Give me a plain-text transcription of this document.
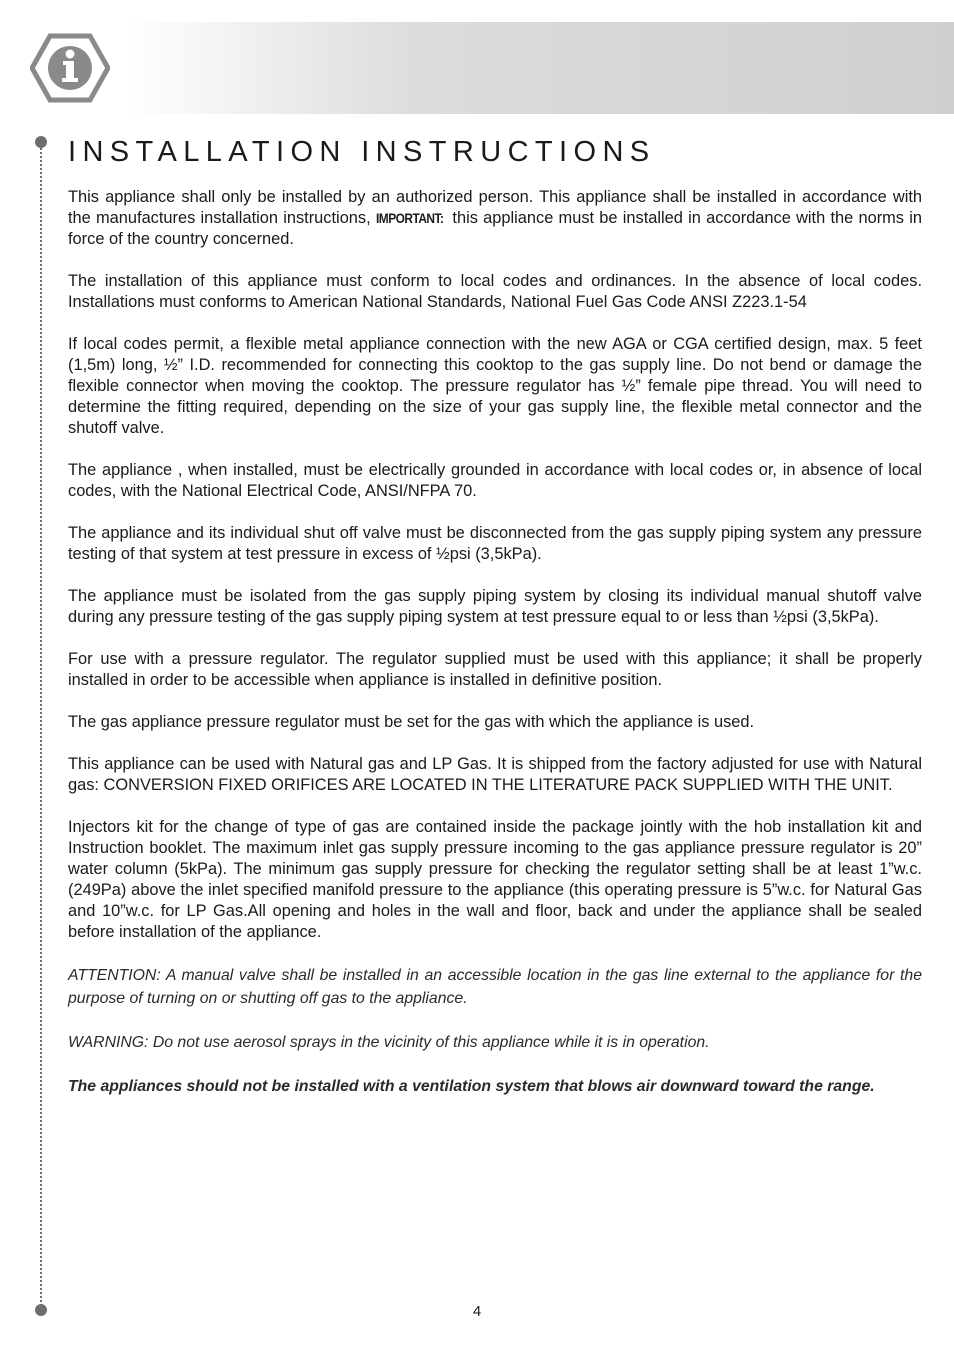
INSTALLATION INSTRUCTIONS

This appliance shall only be installed by an authorized person. This appliance shall be installed in accordance with the manufactures installation instructions, IMPORTANT: this appliance must be installed in accordance with the norms in force of the country concerned.

The installation of this appliance must conform to local codes and ordinances. In the absence of local codes. Installations must conforms to American National Standards, National Fuel Gas Code ANSI Z223.1-54

If local codes permit, a flexible metal appliance connection with the new AGA or CGA certified design, max. 5 feet (1,5m) long, ½” I.D. recommended for connecting this cooktop to the gas supply line. Do not bend or damage the flexible connector when moving the cooktop. The pressure regulator has ½” female pipe thread. You will need to determine the fitting required, depending on the size of your gas supply line, the flexible metal connector and the shutoff valve.

The appliance , when installed, must be electrically grounded in accordance with local codes or, in absence of local codes, with the National Electrical Code, ANSI/NFPA 70.

The appliance and its individual shut off valve must be disconnected from the gas supply piping system any pressure testing of that system at test pressure in excess of ½psi (3,5kPa).

The appliance must be isolated from the gas supply piping system by closing its individual manual shutoff valve during any pressure testing of the gas supply piping system at test pressure equal to or less than ½psi (3,5kPa).

For use with a pressure regulator. The regulator supplied must be used with this appliance; it shall be properly installed in order to be accessible when appliance is installed in definitive position.

The gas appliance pressure regulator must be set for the gas with which the appliance is used.

This appliance can be used with Natural gas and LP Gas. It is shipped from the factory adjusted for use with Natural gas: CONVERSION FIXED ORIFICES ARE LOCATED IN THE LITERATURE PACK SUPPLIED WITH THE UNIT.

Injectors kit for the change of type of gas are contained inside the package jointly with the hob installation kit and Instruction booklet. The maximum inlet gas supply pressure incoming to the gas appliance pressure regulator is 20” water column (5kPa). The minimum gas supply pressure for checking the regulator setting shall be at least 1”w.c.(249Pa) above the inlet specified manifold pressure to the appliance (this operating pressure is 5”w.c. for Natural Gas and 10”w.c. for LP Gas.All opening and holes in the wall and floor, back and under the appliance shall be sealed before installation of the appliance.

ATTENTION: A manual valve shall be installed in an accessible location in the gas line external to the appliance for the purpose of turning on or shutting off gas to the appliance.

WARNING: Do not use aerosol sprays in the vicinity of this appliance while it is in operation.

The appliances should not be installed with a ventilation system that blows air downward toward the range.

4
